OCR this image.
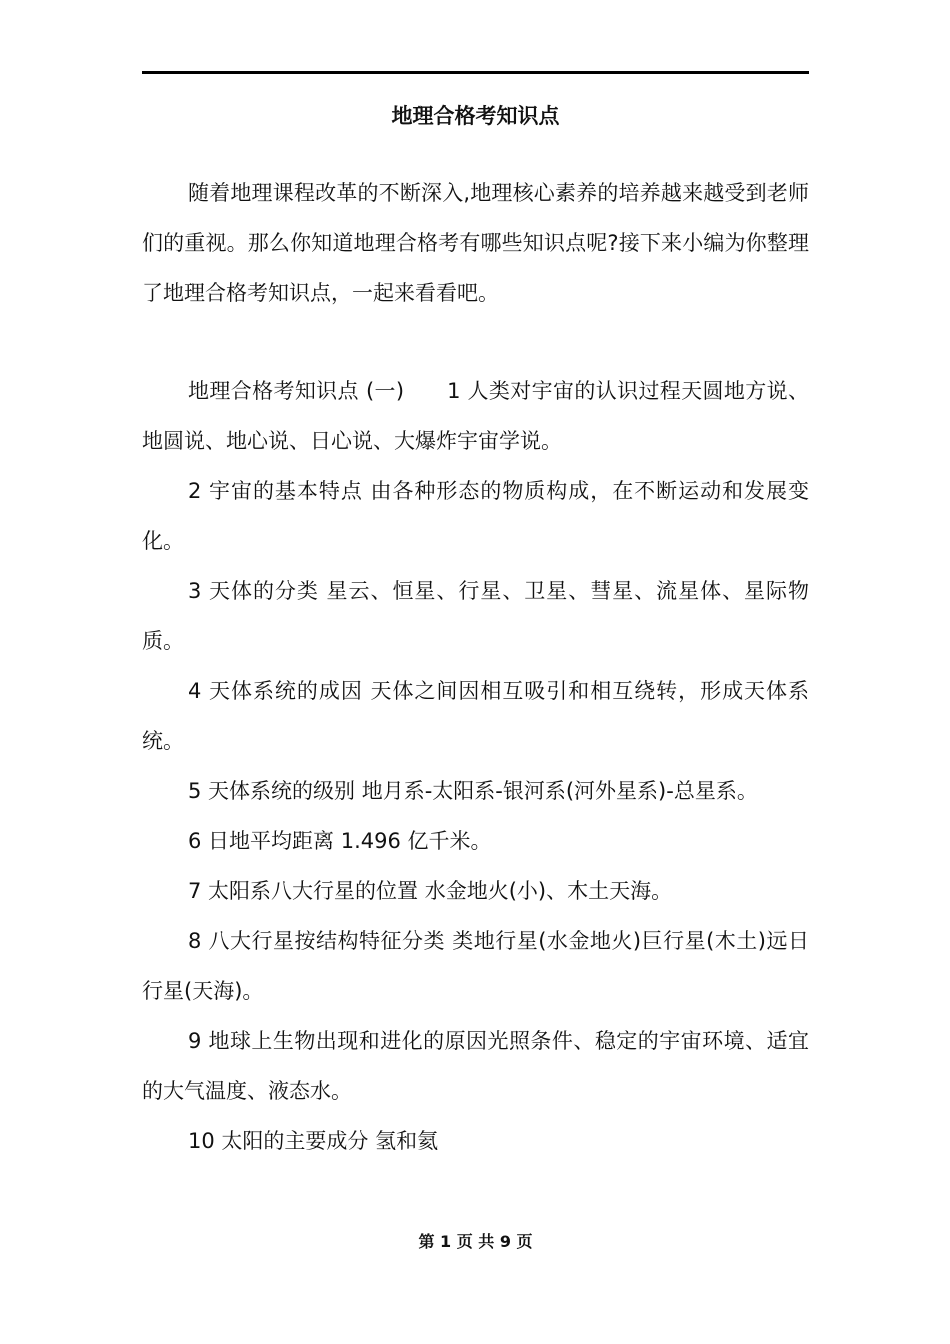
地理合格考知识点

随着地理课程改革的不断深入,地理核心素养的培养越来越受到老师们的重视。那么你知道地理合格考有哪些知识点呢?接下来小编为你整理了地理合格考知识点，一起来看看吧。

地理合格考知识点 (一)　　1 人类对宇宙的认识过程天圆地方说、地圆说、地心说、日心说、大爆炸宇宙学说。

2 宇宙的基本特点 由各种形态的物质构成，在不断运动和发展变化。

3 天体的分类 星云、恒星、行星、卫星、彗星、流星体、星际物质。

4 天体系统的成因 天体之间因相互吸引和相互绕转，形成天体系统。

5 天体系统的级别 地月系-太阳系-银河系(河外星系)-总星系。

6 日地平均距离 1.496 亿千米。

7 太阳系八大行星的位置 水金地火(小)、木土天海。

8 八大行星按结构特征分类 类地行星(水金地火)巨行星(木土)远日行星(天海)。

9 地球上生物出现和进化的原因光照条件、稳定的宇宙环境、适宜的大气温度、液态水。

10 太阳的主要成分 氢和氦

第 1 页 共 9 页
